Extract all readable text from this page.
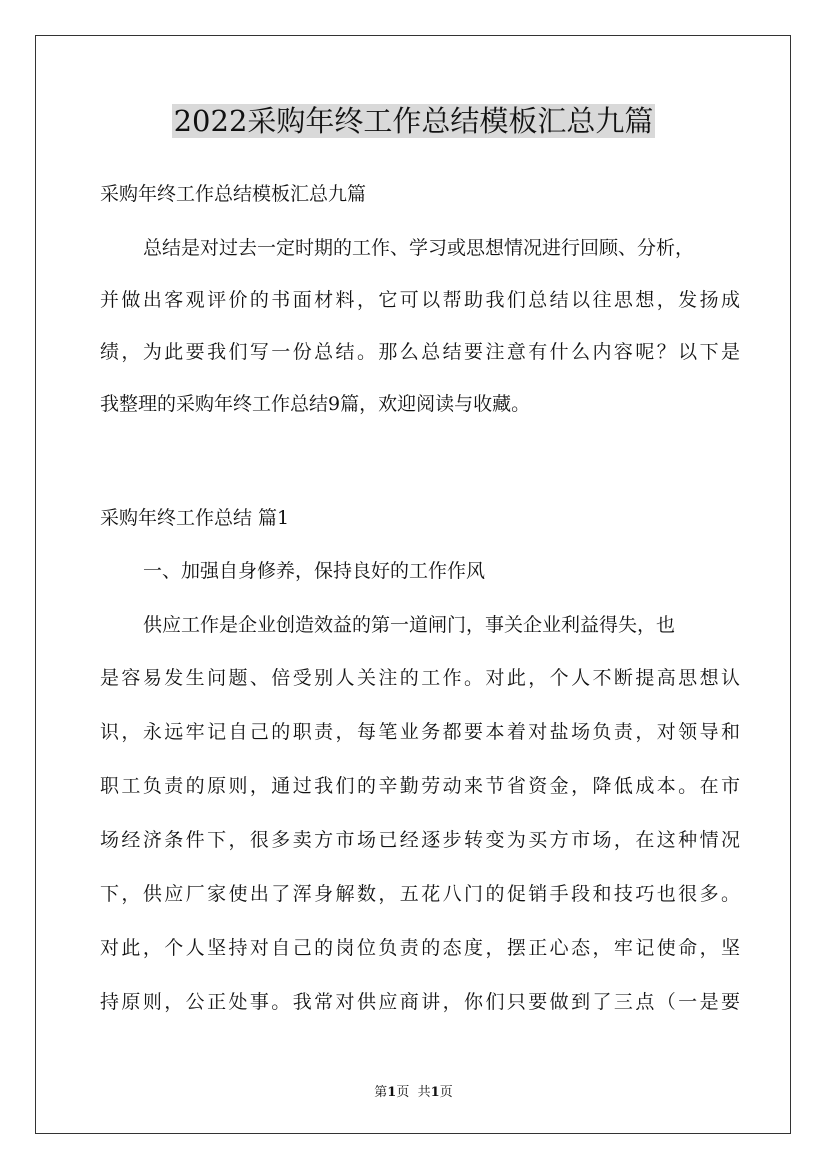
2022采购年终工作总结模板汇总九篇

采购年终工作总结模板汇总九篇

总结是对过去一定时期的工作、学习或思想情况进行回顾、分析，

并做出客观评价的书面材料，它可以帮助我们总结以往思想，发扬成

绩，为此要我们写一份总结。那么总结要注意有什么内容呢？以下是

我整理的采购年终工作总结9篇，欢迎阅读与收藏。

采购年终工作总结 篇1

一、加强自身修养，保持良好的工作作风

供应工作是企业创造效益的第一道闸门，事关企业利益得失，也

是容易发生问题、倍受别人关注的工作。对此，个人不断提高思想认

识，永远牢记自己的职责，每笔业务都要本着对盐场负责，对领导和

职工负责的原则，通过我们的辛勤劳动来节省资金，降低成本。在市

场经济条件下，很多卖方市场已经逐步转变为买方市场，在这种情况

下，供应厂家使出了浑身解数，五花八门的促销手段和技巧也很多。

对此，个人坚持对自己的岗位负责的态度，摆正心态，牢记使命，坚

持原则，公正处事。我常对供应商讲，你们只要做到了三点（一是要

第1页 共1页
